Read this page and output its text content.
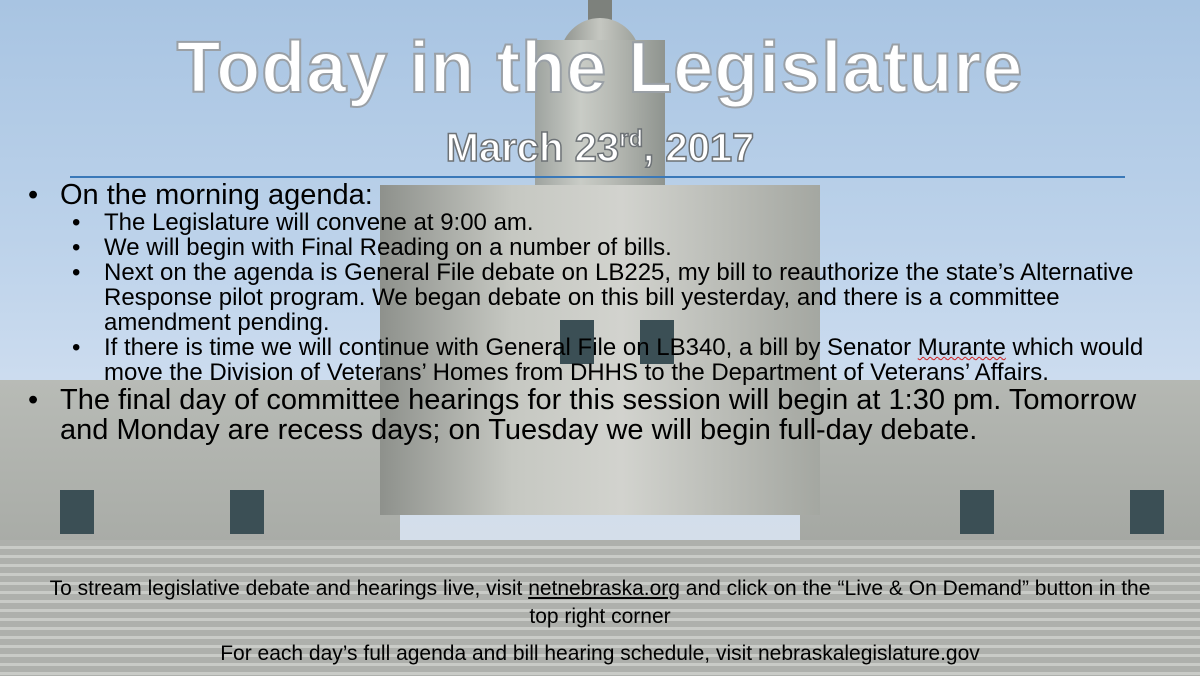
Today in the Legislature
March 23rd, 2017
• On the morning agenda:
• The Legislature will convene at 9:00 am.
• We will begin with Final Reading on a number of bills.
• Next on the agenda is General File debate on LB225, my bill to reauthorize the state’s Alternative Response pilot program. We began debate on this bill yesterday, and there is a committee amendment pending.
• If there is time we will continue with General File on LB340, a bill by Senator Murante which would move the Division of Veterans’ Homes from DHHS to the Department of Veterans’ Affairs.
• The final day of committee hearings for this session will begin at 1:30 pm. Tomorrow and Monday are recess days; on Tuesday we will begin full-day debate.
To stream legislative debate and hearings live, visit netnebraska.org and click on the “Live & On Demand” button in the top right corner
For each day’s full agenda and bill hearing schedule, visit nebraskalegislature.gov
